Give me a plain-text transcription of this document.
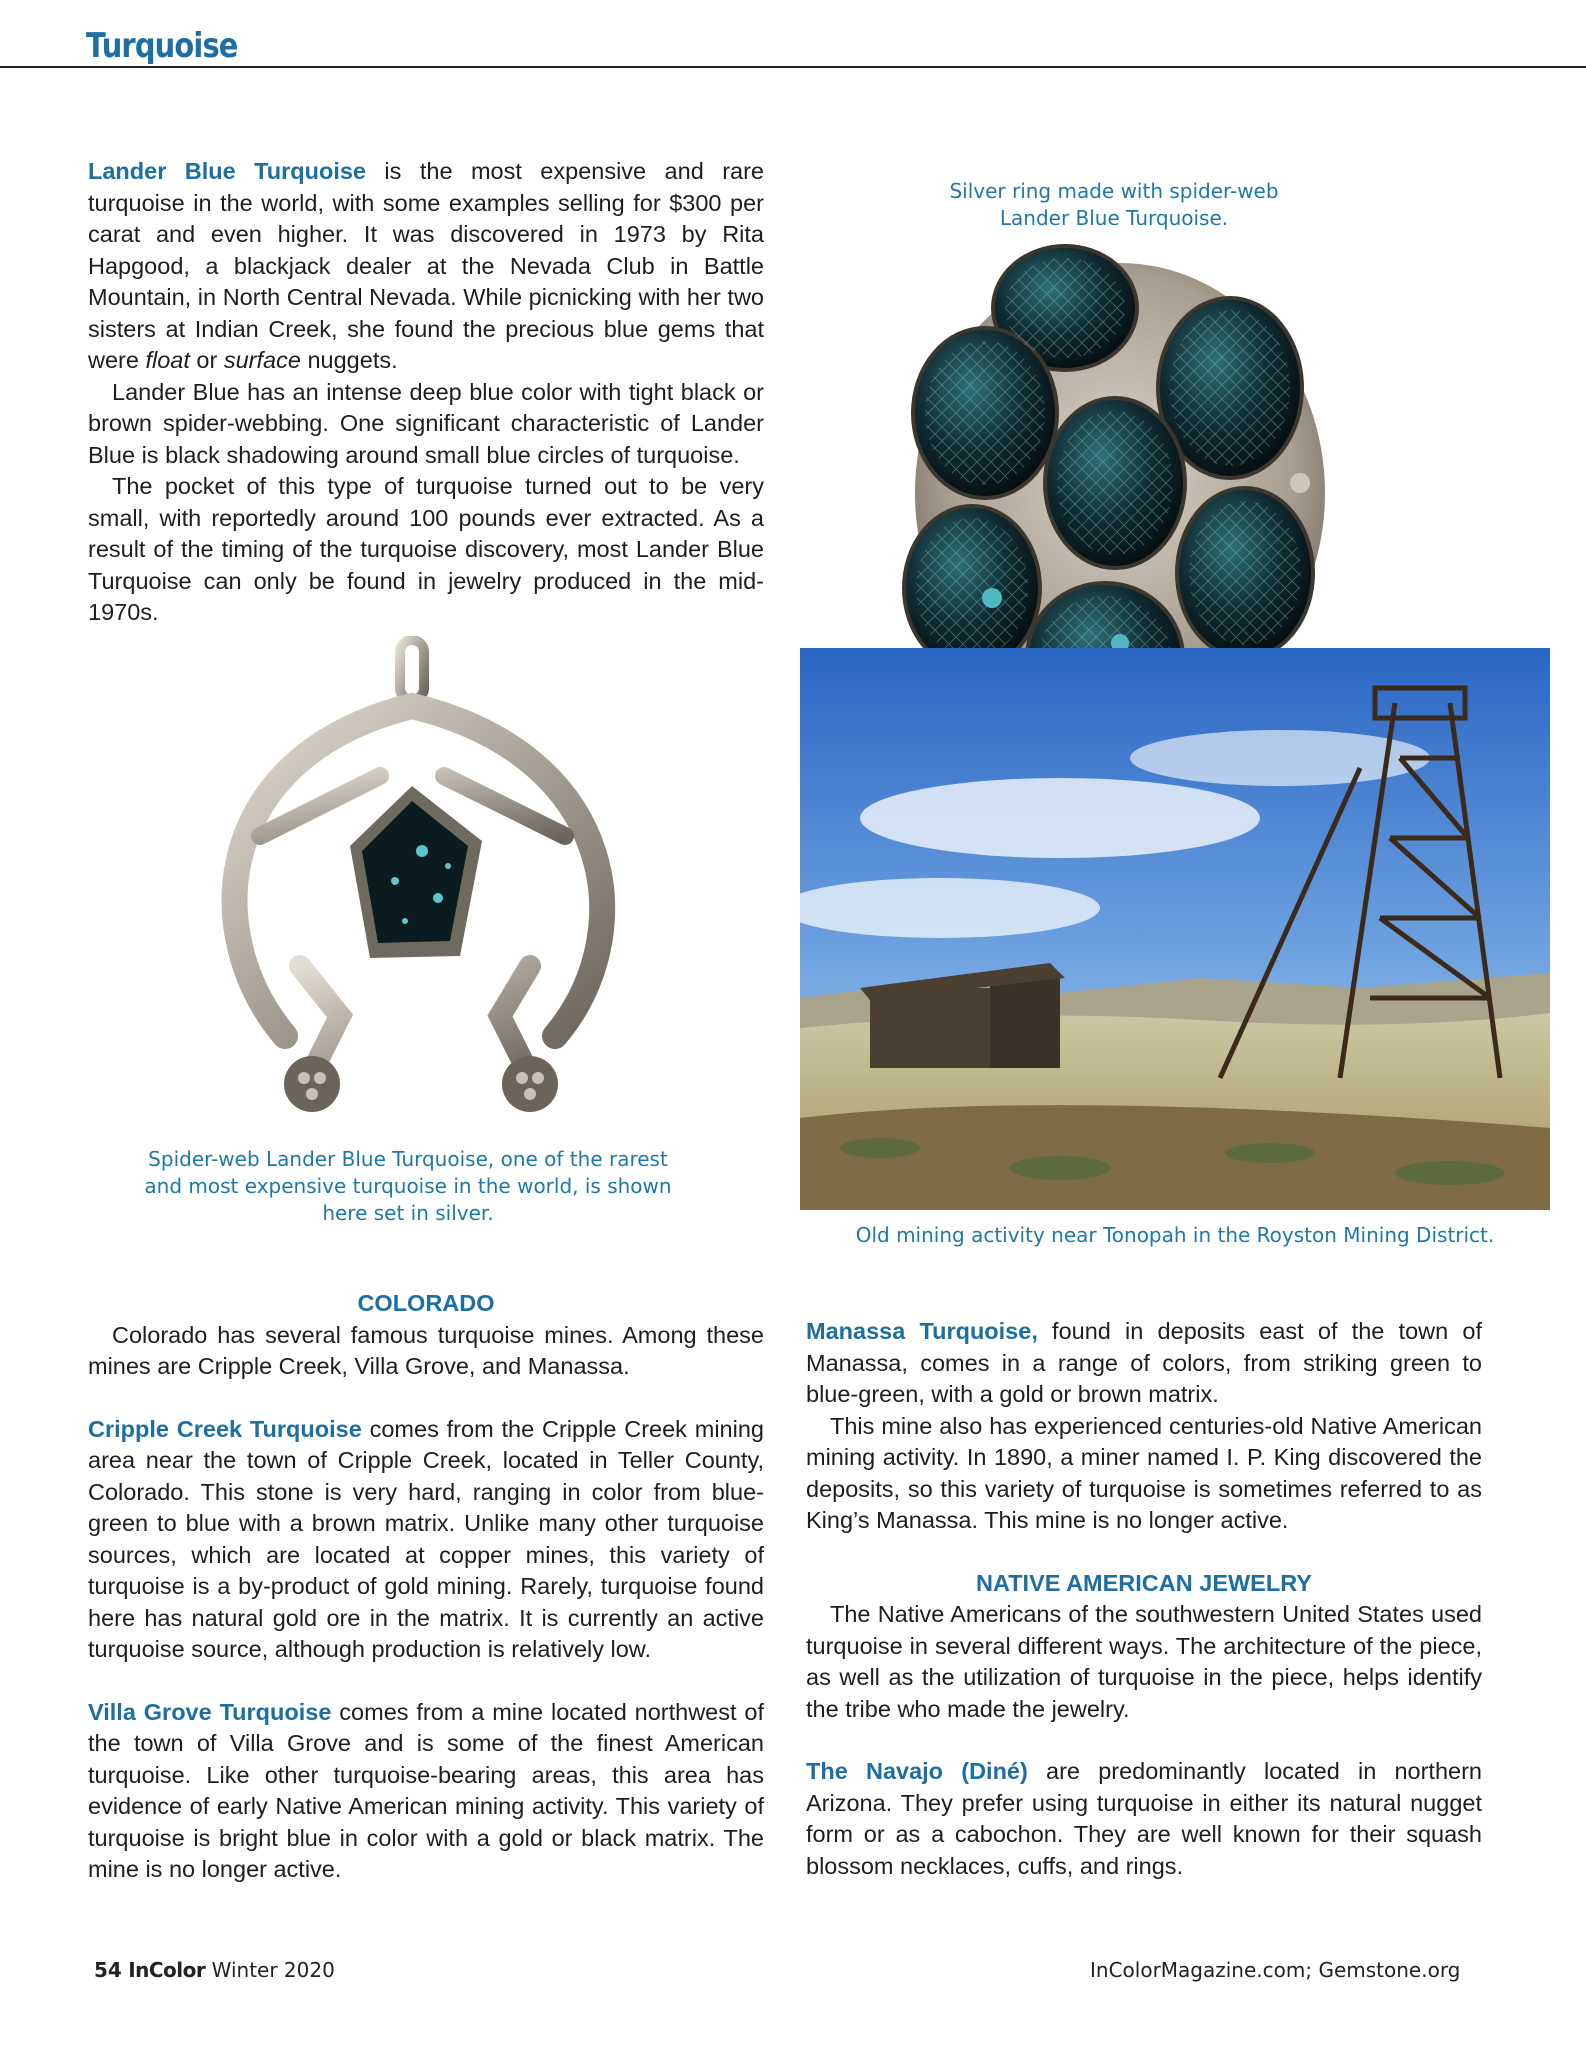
Turquoise

Lander Blue Turquoise is the most expensive and rare turquoise in the world, with some examples selling for $300 per carat and even higher. It was discovered in 1973 by Rita Hapgood, a blackjack dealer at the Nevada Club in Battle Mountain, in North Central Nevada. While picnicking with her two sisters at Indian Creek, she found the precious blue gems that were float or surface nuggets.

Lander Blue has an intense deep blue color with tight black or brown spider-webbing. One significant characteristic of Lander Blue is black shadowing around small blue circles of turquoise.

The pocket of this type of turquoise turned out to be very small, with reportedly around 100 pounds ever extracted. As a result of the timing of the turquoise discovery, most Lander Blue Turquoise can only be found in jewelry produced in the mid-1970s.

Silver ring made with spider-web Lander Blue Turquoise.
Spider-web Lander Blue Turquoise, one of the rarest and most expensive turquoise in the world, is shown here set in silver.
Old mining activity near Tonopah in the Royston Mining District.
COLORADO

Colorado has several famous turquoise mines. Among these mines are Cripple Creek, Villa Grove, and Manassa.

Cripple Creek Turquoise comes from the Cripple Creek mining area near the town of Cripple Creek, located in Teller County, Colorado. This stone is very hard, ranging in color from blue-green to blue with a brown matrix. Unlike many other turquoise sources, which are located at copper mines, this variety of turquoise is a by-product of gold mining. Rarely, turquoise found here has natural gold ore in the matrix. It is currently an active turquoise source, although production is relatively low.

Villa Grove Turquoise comes from a mine located northwest of the town of Villa Grove and is some of the finest American turquoise. Like other turquoise-bearing areas, this area has evidence of early Native American mining activity. This variety of turquoise is bright blue in color with a gold or black matrix. The mine is no longer active.

Manassa Turquoise, found in deposits east of the town of Manassa, comes in a range of colors, from striking green to blue-green, with a gold or brown matrix.

This mine also has experienced centuries-old Native American mining activity. In 1890, a miner named I. P. King discovered the deposits, so this variety of turquoise is sometimes referred to as King’s Manassa. This mine is no longer active.

NATIVE AMERICAN JEWELRY

The Native Americans of the southwestern United States used turquoise in several different ways. The architecture of the piece, as well as the utilization of turquoise in the piece, helps identify the tribe who made the jewelry.

The Navajo (Diné) are predominantly located in northern Arizona. They prefer using turquoise in either its natural nugget form or as a cabochon. They are well known for their squash blossom necklaces, cuffs, and rings.

54 InColor Winter 2020	InColorMagazine.com; Gemstone.org
